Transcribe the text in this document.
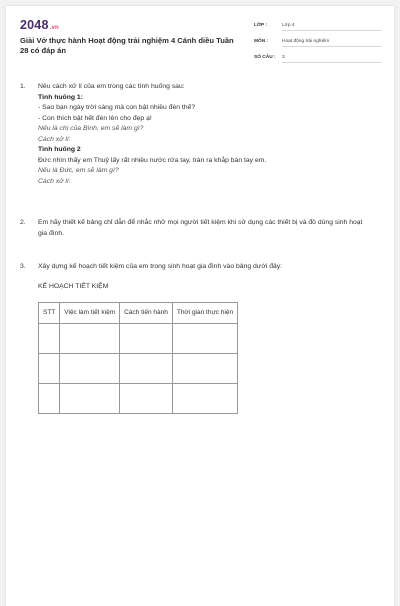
2048.vn
Giải Vở thực hành Hoạt động trải nghiệm 4 Cánh diều Tuần 28 có đáp án
LỚP :	Lớp 4
MÔN :	Hoạt động trải nghiệm
SỐ CÂU : 3
1. Nêu cách xử lí của em trong các tình huống sau:
Tình huống 1:
- Sao bạn ngày trời sáng mà con bật nhiều đèn thế?
- Con thích bật hết đèn lên cho đẹp ạ!
Nếu là chị của Bình, em sẽ làm gì?
Cách xử lí:
Tình huống 2
Đức nhìn thấy em Thuỷ lấy rất nhiều nước rửa tay, tràn ra khắp bàn tay em.
Nếu là Đức, em sẽ làm gì?
Cách xử lí:
2. Em hãy thiết kế bảng chỉ dẫn để nhắc nhở mọi người tiết kiệm khi sử dụng các thiết bị và đồ dùng sinh hoạt gia đình.
3. Xây dựng kế hoạch tiết kiệm của em trong sinh hoạt gia đình vào bảng dưới đây:
KẾ HOẠCH TIẾT KIỆM
STT	Việc làm tiết kiệm	Cách tiến hành	Thời gian thực hiện
